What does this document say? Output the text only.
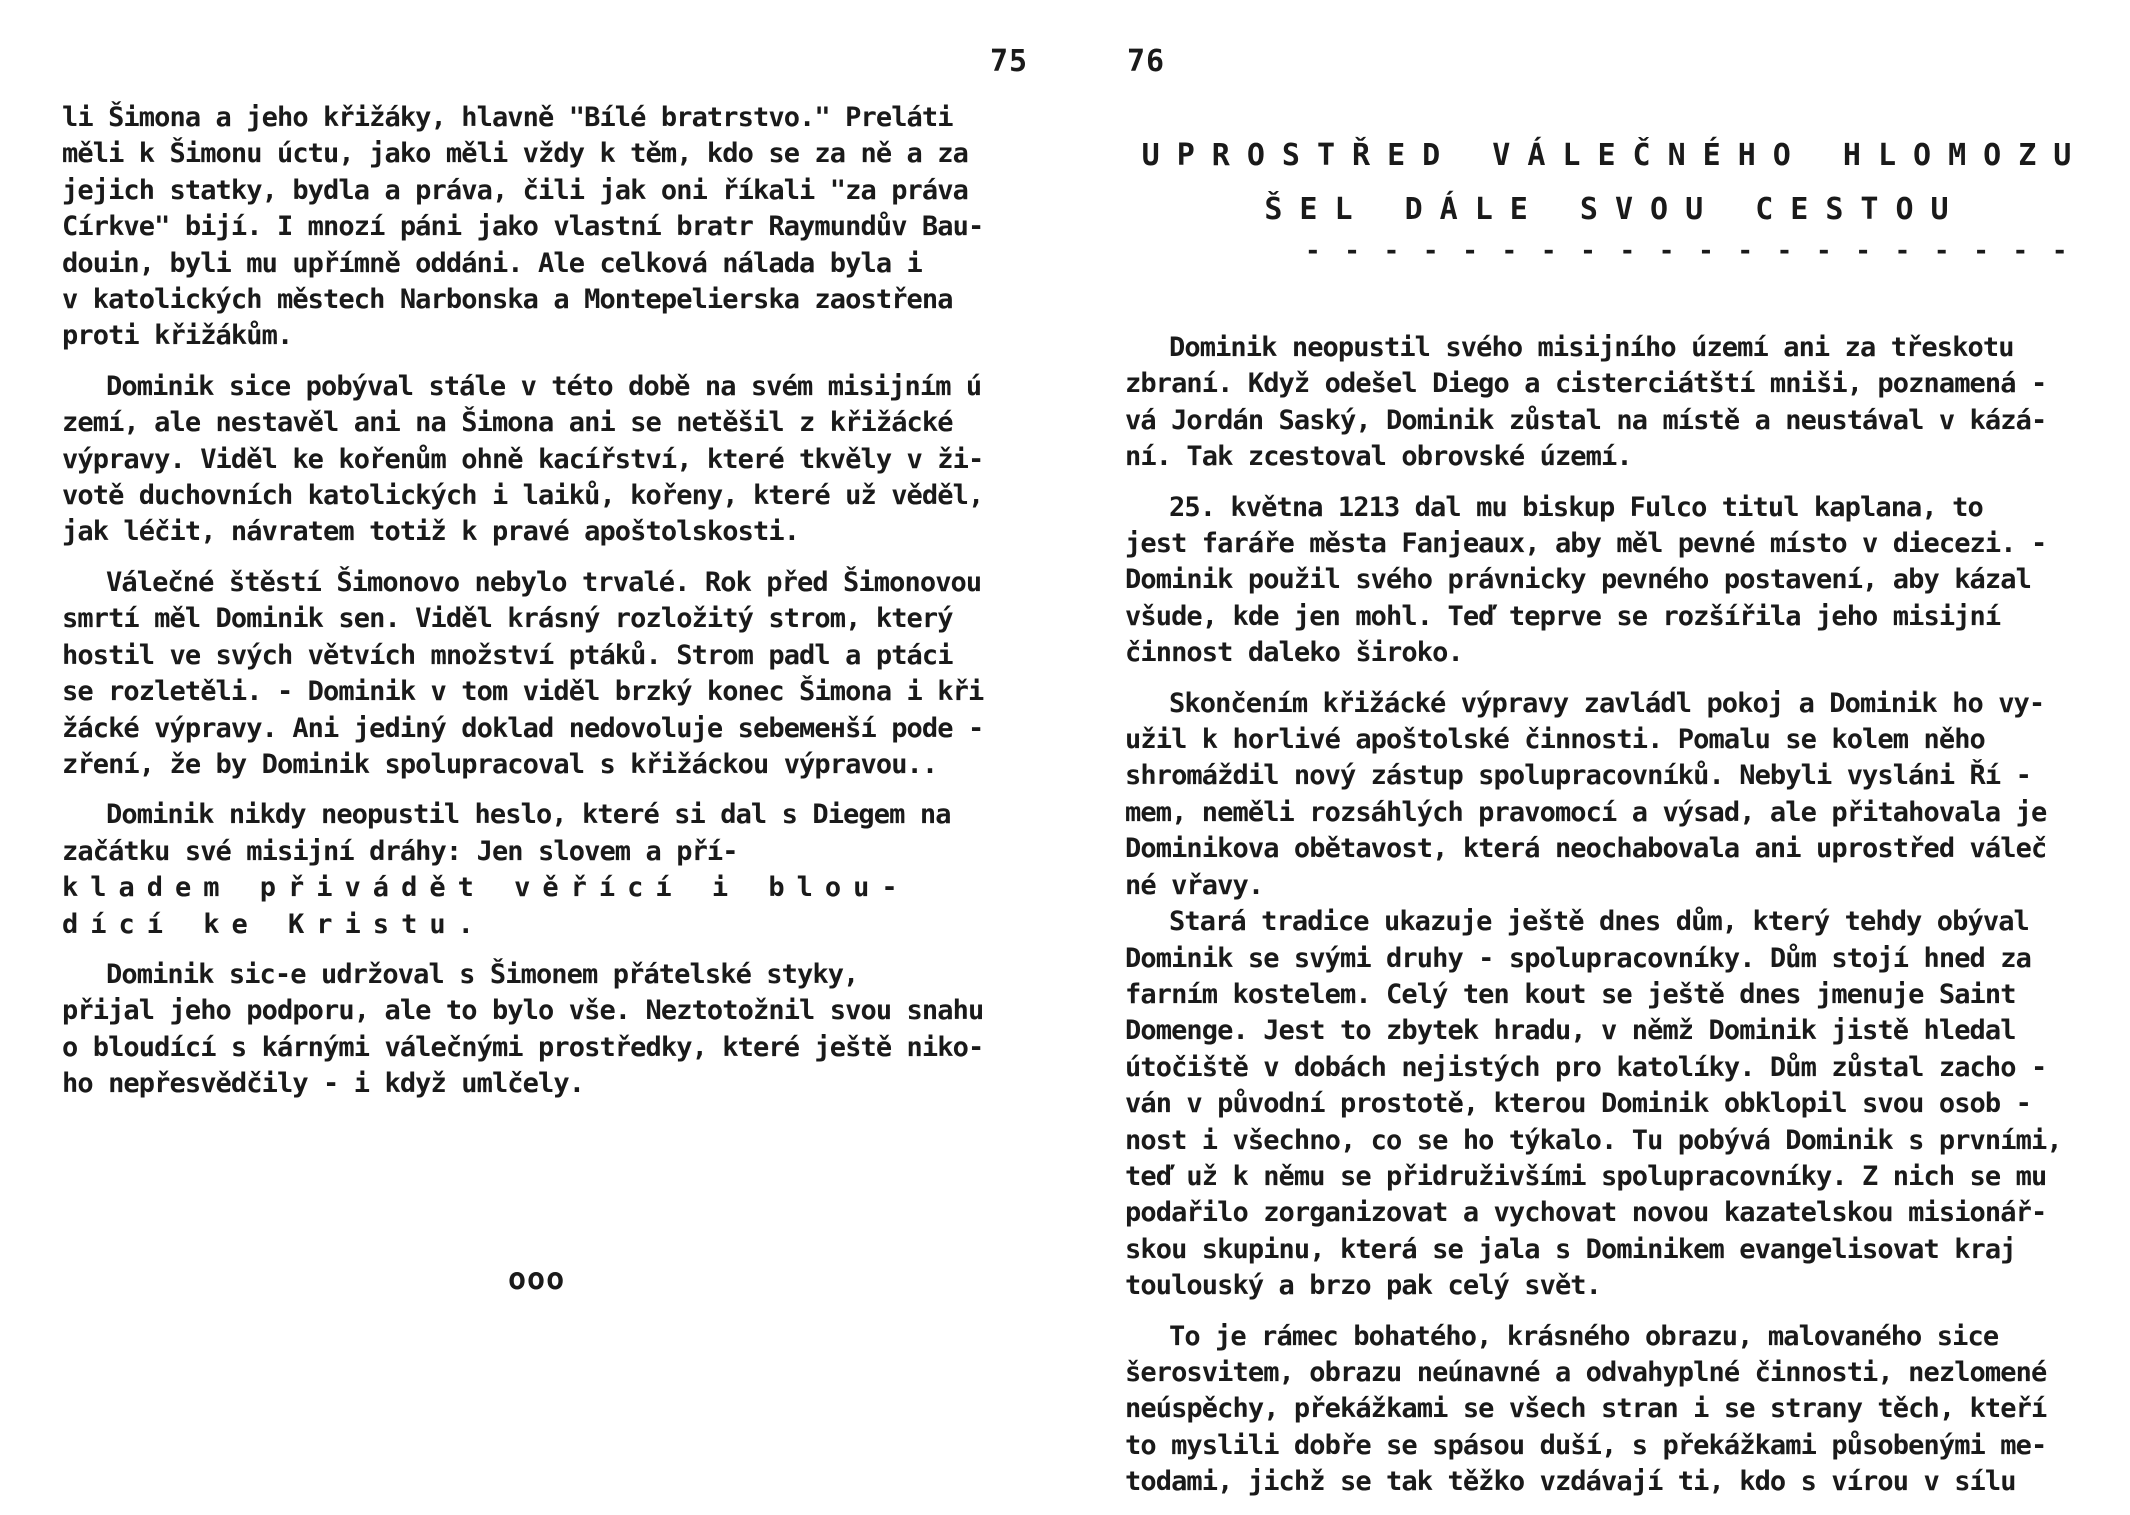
75
li Šimona a jeho křižáky, hlavně "Bílé bratrstvo." Preláti
měli k Šimonu úctu, jako měli vždy k těm, kdo se za ně a za
jejich statky, bydla a práva, čili jak oni říkali "za práva
Církve" bijí. I mnozí páni jako vlastní bratr Raymundův Bau-
douin, byli mu upřímně oddáni. Ale celková nálada byla i
v katolických městech Narbonska a Montepelierska zaostřena
proti křižákům.
Dominik sice pobýval stále v této době na svém misijním ú
zemí, ale nestavěl ani na Šimona ani se netěšil z křižácké
výpravy. Viděl ke kořenům ohně kacířství, které tkvěly v ži-
votě duchovních katolických i laiků, kořeny, které už věděl,
jak léčit, návratem totiž k pravé apoštolskosti.
Válečné štěstí Šimonovo nebylo trvalé. Rok před Šimonovou
smrtí měl Dominik sen. Viděl krásný rozložitý strom, který
hostil ve svých větvích množství ptáků. Strom padl a ptáci
se rozletěli. - Dominik v tom viděl brzký konec Šimona i kři
žácké výpravy. Ani jediný doklad nedovoluje sebeменší pode -
zření, že by Dominik spolupracoval s křižáckou výpravou..
Dominik nikdy neopustil heslo, které si dal s Diegem na
začátku své misijní dráhy: Jen slovem a pří-
kladem přivádět věřící i blou-
dící ke Kristu.
Dominik sic-e udržoval s Šimonem přátelské styky,
přijal jeho podporu, ale to bylo vše. Neztotožnil svou snahu
o bloudící s kárnými válečnými prostředky, které ještě niko-
ho nepřesvědčily - i když umlčely.
ooo
76
UPROSTŘED VÁLEČNÉHO HLOMOZU
ŠEL DÁLE SVOU CESTOU
- - - - - - - - - - - - - - - - - - - -
Dominik neopustil svého misijního území ani za třeskotu
zbraní. Když odešel Diego a cisterciátští mniši, poznamená -
vá Jordán Saský, Dominik zůstal na místě a neustával v kázá-
ní. Tak zcestoval obrovské území.
25. května 1213 dal mu biskup Fulco titul kaplana, to
jest faráře města Fanjeaux, aby měl pevné místo v diecezi. -
Dominik použil svého právnicky pevného postavení, aby kázal
všude, kde jen mohl. Teď teprve se rozšířila jeho misijní
činnost daleko široko.
Skončením křižácké výpravy zavládl pokoj a Dominik ho vy-
užil k horlivé apoštolské činnosti. Pomalu se kolem něho
shromáždil nový zástup spolupracovníků. Nebyli vysláni Ří -
mem, neměli rozsáhlých pravomocí a výsad, ale přitahovala je
Dominikova obětavost, která neochabovala ani uprostřed váleč
né vřavy.
Stará tradice ukazuje ještě dnes dům, který tehdy obýval
Dominik se svými druhy - spolupracovníky. Dům stojí hned za
farním kostelem. Celý ten kout se ještě dnes jmenuje Saint
Domenge. Jest to zbytek hradu, v němž Dominik jistě hledal
útočiště v dobách nejistých pro katolíky. Dům zůstal zacho -
ván v původní prostotě, kterou Dominik obklopil svou osob -
nost i všechno, co se ho týkalo. Tu pobývá Dominik s prvními,
teď už k němu se přidruživšími spolupracovníky. Z nich se mu
podařilo zorganizovat a vychovat novou kazatelskou misionář-
skou skupinu, která se jala s Dominikem evangelisovat kraj
toulouský a brzo pak celý svět.
To je rámec bohatého, krásného obrazu, malovaného sice
šerosvitem, obrazu neúnavné a odvahyplné činnosti, nezlomené
neúspěchy, překážkami se všech stran i se strany těch, kteří
to myslili dobře se spásou duší, s překážkami působenými me-
todami, jichž se tak těžko vzdávají ti, kdo s vírou v sílu
